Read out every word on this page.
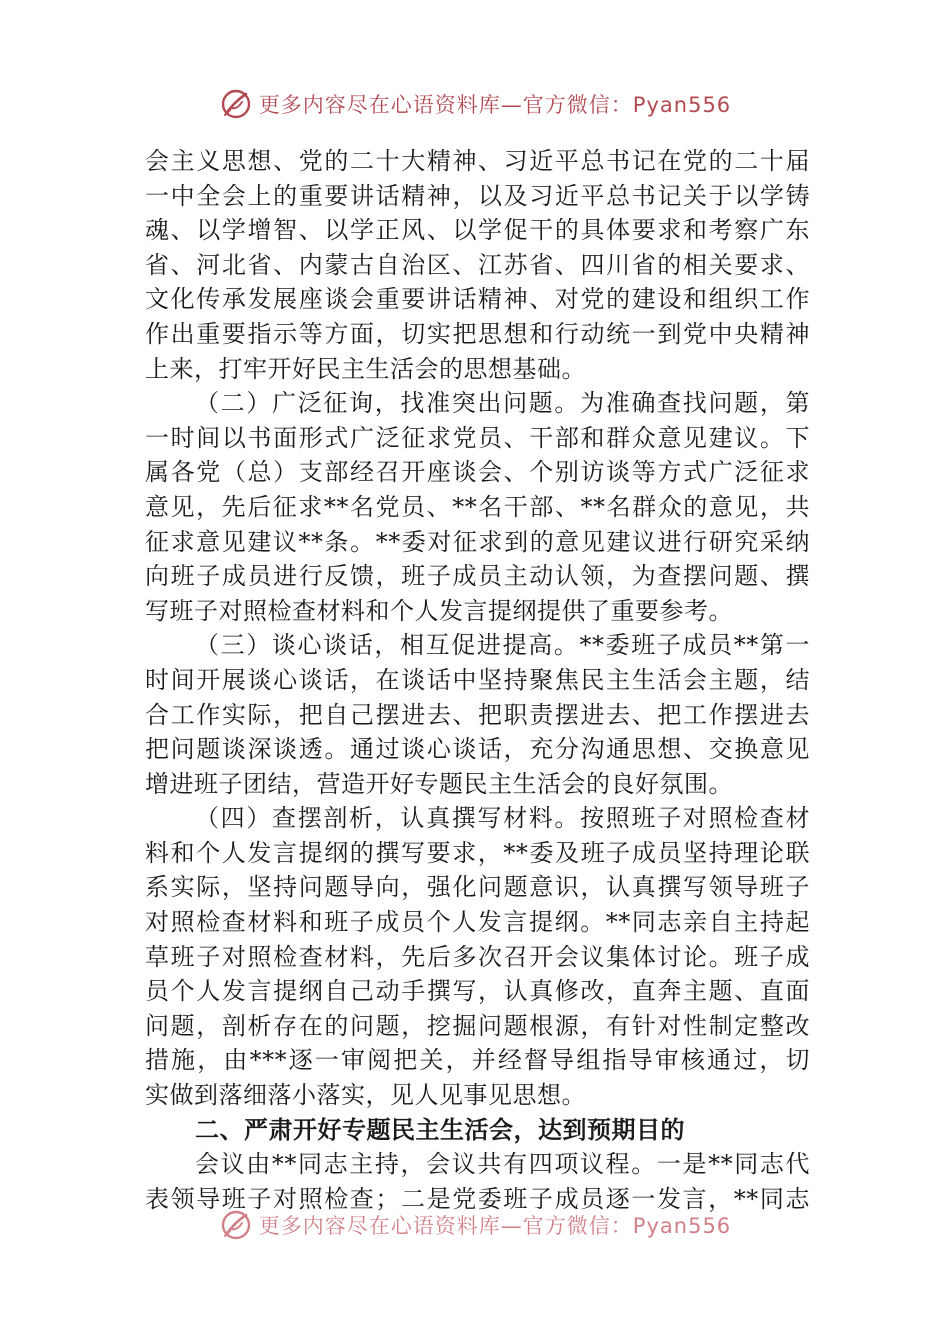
更多内容尽在心语资料库—官方微信：Pyan556
会主义思想、党的二十大精神、习近平总书记在党的二十届
一中全会上的重要讲话精神，以及习近平总书记关于以学铸
魂、以学增智、以学正风、以学促干的具体要求和考察广东
省、河北省、内蒙古自治区、江苏省、四川省的相关要求、
文化传承发展座谈会重要讲话精神、对党的建设和组织工作
作出重要指示等方面，切实把思想和行动统一到党中央精神
上来，打牢开好民主生活会的思想基础。
（二）广泛征询，找准突出问题。为准确查找问题，第
一时间以书面形式广泛征求党员、干部和群众意见建议。下
属各党（总）支部经召开座谈会、个别访谈等方式广泛征求
意见，先后征求**名党员、**名干部、**名群众的意见，共
征求意见建议**条。**委对征求到的意见建议进行研究采纳
向班子成员进行反馈，班子成员主动认领，为查摆问题、撰
写班子对照检查材料和个人发言提纲提供了重要参考。
（三）谈心谈话，相互促进提高。**委班子成员**第一
时间开展谈心谈话，在谈话中坚持聚焦民主生活会主题，结
合工作实际，把自己摆进去、把职责摆进去、把工作摆进去
把问题谈深谈透。通过谈心谈话，充分沟通思想、交换意见
增进班子团结，营造开好专题民主生活会的良好氛围。
（四）查摆剖析，认真撰写材料。按照班子对照检查材
料和个人发言提纲的撰写要求，**委及班子成员坚持理论联
系实际，坚持问题导向，强化问题意识，认真撰写领导班子
对照检查材料和班子成员个人发言提纲。**同志亲自主持起
草班子对照检查材料，先后多次召开会议集体讨论。班子成
员个人发言提纲自己动手撰写，认真修改，直奔主题、直面
问题，剖析存在的问题，挖掘问题根源，有针对性制定整改
措施，由***逐一审阅把关，并经督导组指导审核通过，切
实做到落细落小落实，见人见事见思想。
二、严肃开好专题民主生活会，达到预期目的
会议由**同志主持，会议共有四项议程。一是**同志代
表领导班子对照检查；二是党委班子成员逐一发言，**同志
更多内容尽在心语资料库—官方微信：Pyan556
